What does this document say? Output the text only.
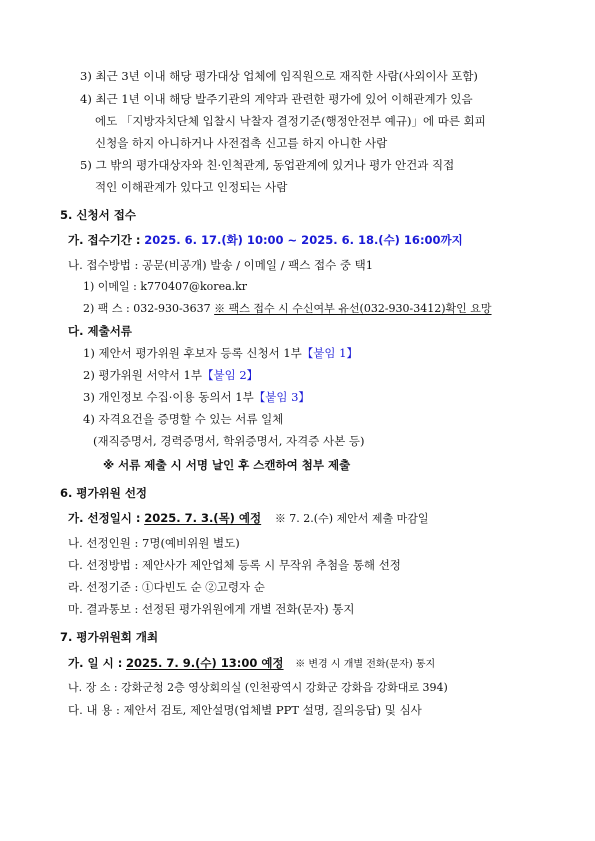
3) 최근 3년 이내 해당 평가대상 업체에 임직원으로 재직한 사람(사외이사 포함)
4) 최근 1년 이내 해당 발주기관의 계약과 관련한 평가에 있어 이해관계가 있음
에도 「지방자치단체 입찰시 낙찰자 결정기준(행정안전부 예규)」에 따른 회피
신청을 하지 아니하거나 사전접촉 신고를 하지 아니한 사람
5) 그 밖의 평가대상자와 친·인척관계, 동업관계에 있거나 평가 안건과 직접
적인 이해관계가 있다고 인정되는 사람
5. 신청서 접수
가. 접수기간 : 2025. 6. 17.(화) 10:00 ~ 2025. 6. 18.(수) 16:00까지
나. 접수방법 : 공문(비공개) 발송 / 이메일 / 팩스 접수 중 택1
1) 이메일 : k770407@korea.kr
2) 팩 스 : 032-930-3637 ※ 팩스 접수 시 수신여부 유선(032-930-3412)확인 요망
다. 제출서류
1) 제안서 평가위원 후보자 등록 신청서 1부【붙임 1】
2) 평가위원 서약서 1부【붙임 2】
3) 개인정보 수집·이용 동의서 1부【붙임 3】
4) 자격요건을 증명할 수 있는 서류 일체
(재직증명서, 경력증명서, 학위증명서, 자격증 사본 등)
※ 서류 제출 시 서명 날인 후 스캔하여 첨부 제출
6. 평가위원 선정
가. 선정일시 : 2025. 7. 3.(목) 예정 ※ 7. 2.(수) 제안서 제출 마감일
나. 선정인원 : 7명(예비위원 별도)
다. 선정방법 : 제안사가 제안업체 등록 시 무작위 추첨을 통해 선정
라. 선정기준 : ①다빈도 순 ②고령자 순
마. 결과통보 : 선정된 평가위원에게 개별 전화(문자) 통지
7. 평가위원회 개최
가. 일 시 : 2025. 7. 9.(수) 13:00 예정 ※ 변경 시 개별 전화(문자) 통지
나. 장 소 : 강화군청 2층 영상회의실 (인천광역시 강화군 강화읍 강화대로 394)
다. 내 용 : 제안서 검토, 제안설명(업체별 PPT 설명, 질의응답) 및 심사
